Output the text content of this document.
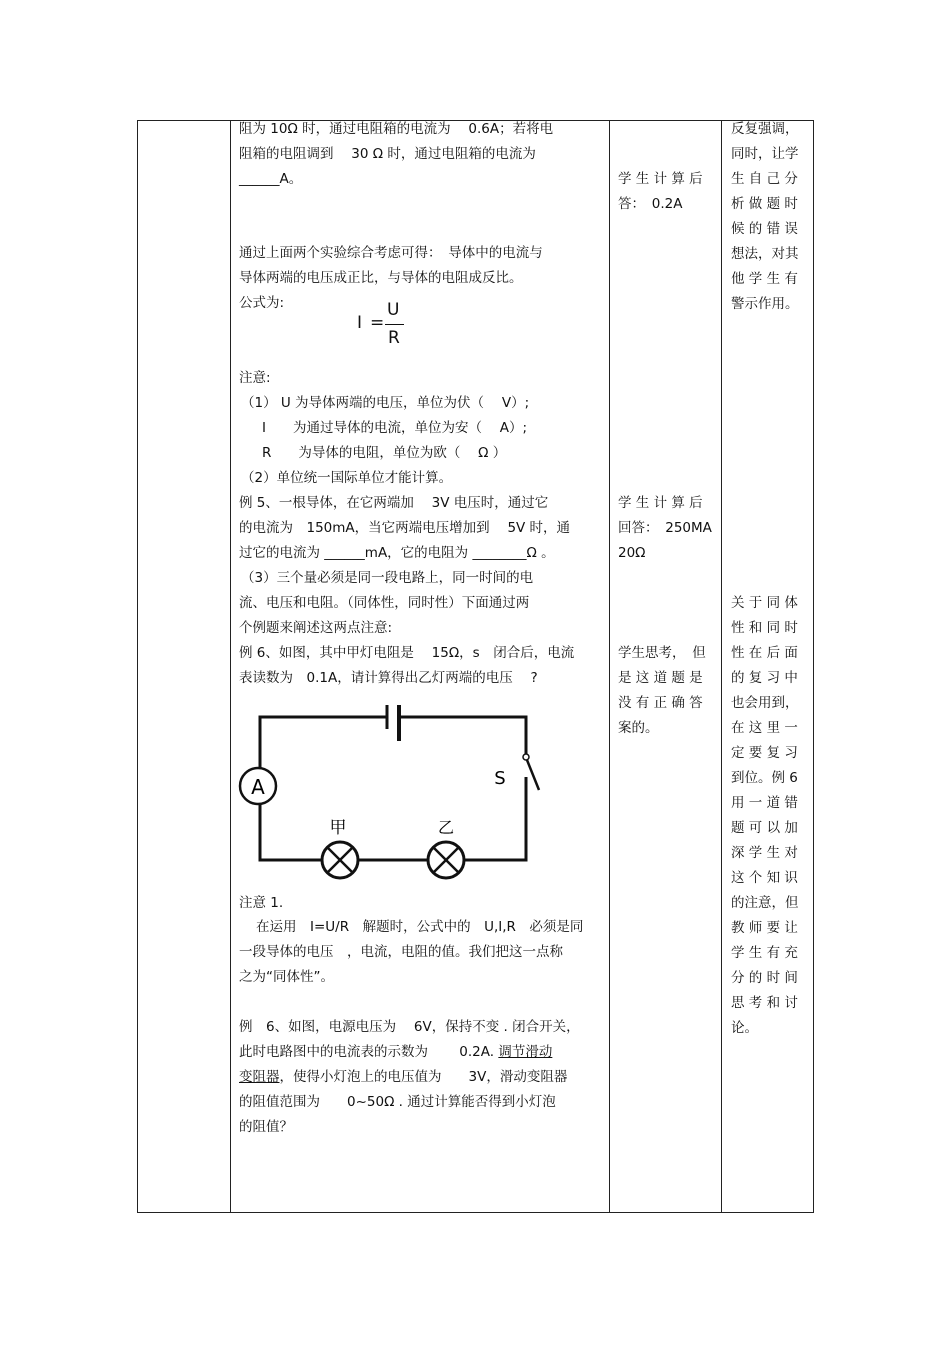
阻为 10Ω 时，通过电阻箱的电流为　 0.6A；若将电
阻箱的电阻调到　 30 Ω 时，通过电阻箱的电流为
______A。
通过上面两个实验综合考虑可得：　导体中的电流与
导体两端的电压成正比，与导体的电阻成反比。
公式为:
I =
U
R
注意:
（1） U 为导体两端的电压，单位为伏（　 V）;
I　　为通过导体的电流，单位为安（　 A）;
R　　为导体的电阻，单位为欧（　 Ω ）
（2）单位统一国际单位才能计算。
例 5、一根导体，在它两端加　 3V 电压时，通过它
的电流为　150mA，当它两端电压增加到　 5V 时，通
过它的电流为 ______mA，它的电阻为 ________Ω 。
（3）三个量必须是同一段电路上，同一时间的电
流、电压和电阻。（同体性，同时性）下面通过两
个例题来阐述这两点注意:
例 6、如图，其中甲灯电阻是　 15Ω，s　闭合后，电流
表读数为　0.1A，请计算得出乙灯两端的电压　 ?
A	S
甲	乙
注意 1.
在运用　I=U/R　解题时，公式中的　U,I,R　必须是同
一段导体的电压　，电流，电阻的值。我们把这一点称
之为“同体性”。
例　6、如图，电源电压为　 6V，保持不变 . 闭合开关，
此时电路图中的电流表的示数为　　 0.2A. 调节滑动
变阻器，使得小灯泡上的电压值为　　3V，滑动变阻器
的阻值范围为　　0~50Ω . 通过计算能否得到小灯泡
的阻值？
学 生 计 算 后
答：　0.2A
学 生 计 算 后
回答：　250MA
20Ω
学生思考，　但
是 这 道 题 是
没 有 正 确 答
案的。
反复强调，
同时，让学
生 自 己 分
析 做 题 时
候 的 错 误
想法，对其
他 学 生 有
警示作用。
关 于 同 体
性 和 同 时
性 在 后 面
的 复 习 中
也会用到，
在 这 里 一
定 要 复 习
到位。例 6
用 一 道 错
题 可 以 加
深 学 生 对
这 个 知 识
的注意，但
教 师 要 让
学 生 有 充
分 的 时 间
思 考 和 讨
论。
